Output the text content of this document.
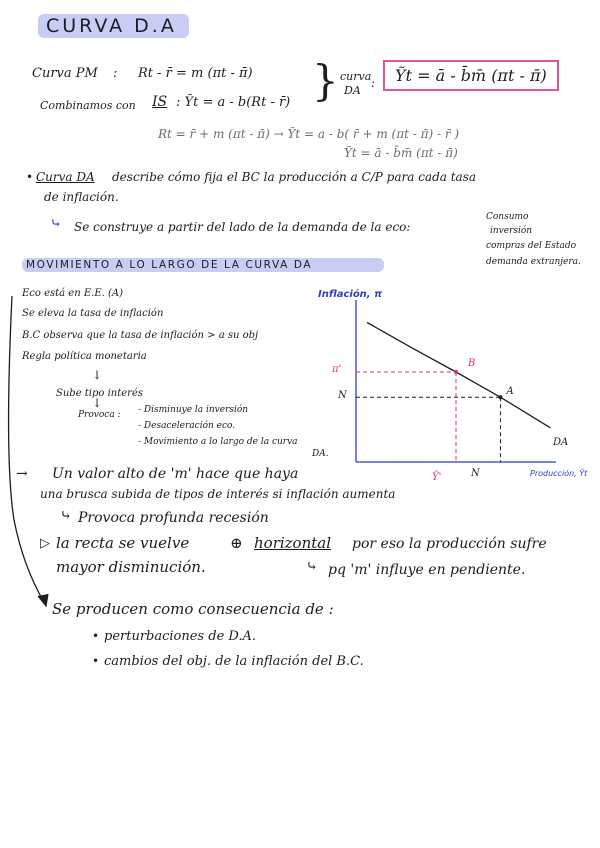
CURVA D.A
Curva PM : Rt - r̄ = m (πt - π̄)
Combinamos con IS : Ỹt = a - b(Rt - r̄) } curva
DA
:	Ỹt = ā - b̄m̄ (πt - π̄)
Rt = r̄ + m (πt - π̄) → Ỹt = a - b( r̄ + m (πt - π̄) - r̄ )
Ỹt = ā - b̄m̄ (πt - π̄)
• Curva DA describe cómo fija el BC la producción a C/P para cada tasa
de inflación.
⤷ Se construye a partir del lado de la demanda de la eco:
Consumo
inversión
compras del Estado
demanda extranjera.
MOVIMIENTO A LO LARGO DE LA CURVA DA
Eco está en E.E. (A)
Se eleva la tasa de inflación
B.C observa que la tasa de inflación > a su obj
Regla política monetaria
↓
Sube tipo interés
↓
Provoca : - Disminuye la inversión
- Desaceleración eco.
- Movimiento a lo largo de la curva
DA.
B
A
π'
N
Ỹ'	N
DA
Inflación, π
Producción, Ỹt
→ Un valor alto de 'm' hace que haya
una brusca subida de tipos de interés si inflación aumenta
⤷ Provoca profunda recesión
▷ la recta se vuelve	⊕ horizontal por eso la producción sufre
mayor disminución.	⤷ pq 'm' influye en pendiente.
Se producen como consecuencia de :
• perturbaciones de D.A.
• cambios del obj. de la inflación del B.C.
